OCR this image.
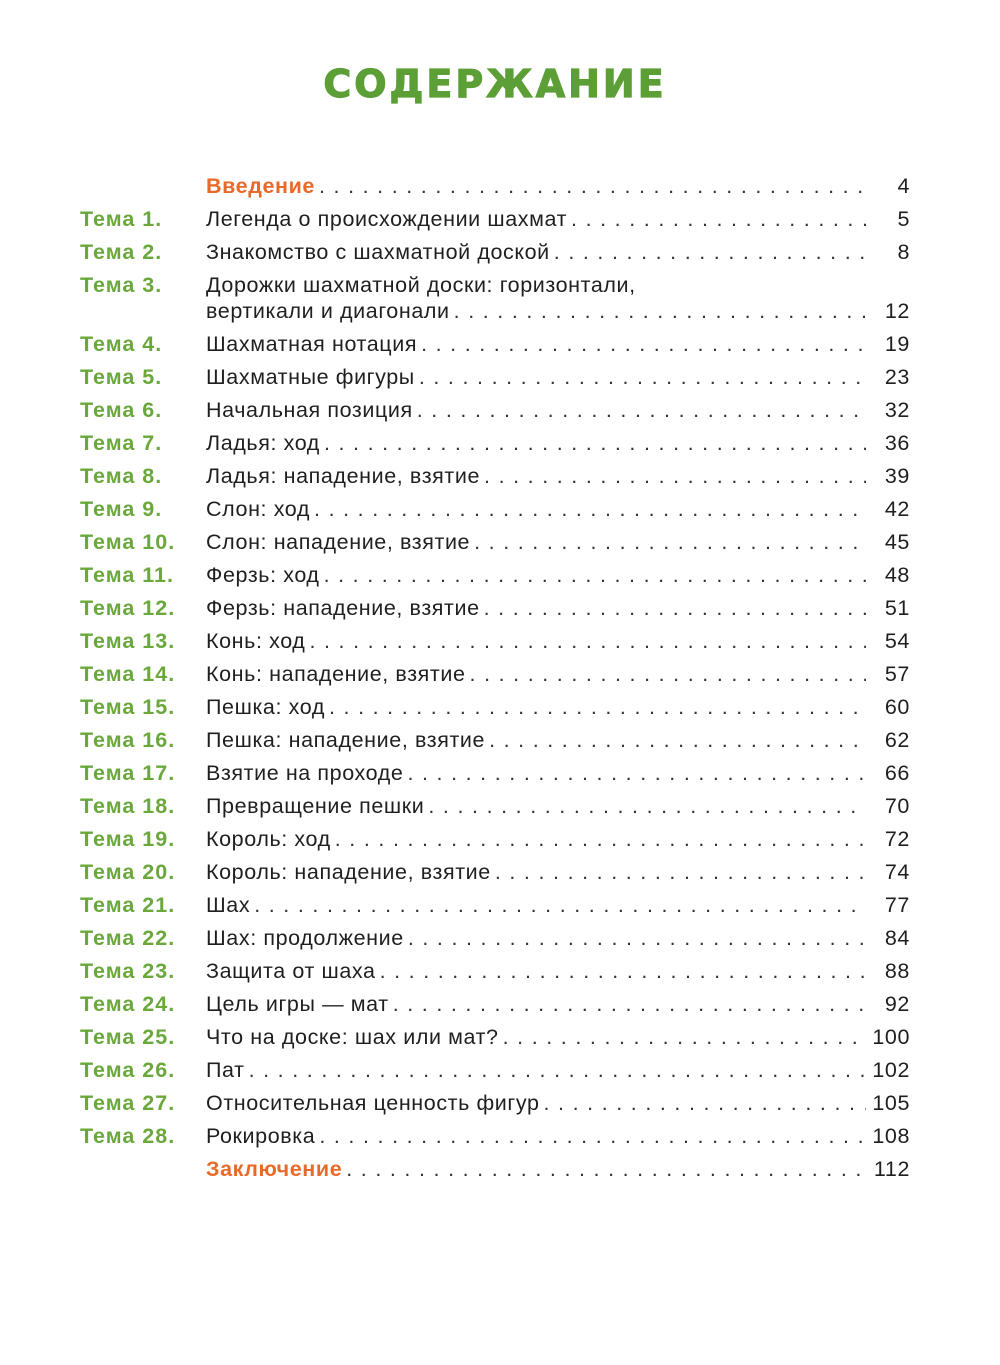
СОДЕРЖАНИЕ
Введение . . .	4
Тема 1.	Легенда о происхождении шахмат . . .	5
Тема 2.	Знакомство с шахматной доской . . .	8
Тема 3.	Дорожки шахматной доски: горизонтали,
вертикали и диагонали . . .	12
Тема 4.	Шахматная нотация . . .	19
Тема 5.	Шахматные фигуры . . .	23
Тема 6.	Начальная позиция . . .	32
Тема 7.	Ладья: ход . . .	36
Тема 8.	Ладья: нападение, взятие . . .	39
Тема 9.	Слон: ход . . .	42
Тема 10.	Слон: нападение, взятие . . .	45
Тема 11.	Ферзь: ход . . .	48
Тема 12.	Ферзь: нападение, взятие . . .	51
Тема 13.	Конь: ход . . .	54
Тема 14.	Конь: нападение, взятие . . .	57
Тема 15.	Пешка: ход . . .	60
Тема 16.	Пешка: нападение, взятие . . .	62
Тема 17.	Взятие на проходе . . .	66
Тема 18.	Превращение пешки . . .	70
Тема 19.	Король: ход . . .	72
Тема 20.	Король: нападение, взятие . . .	74
Тема 21.	Шах . . .	77
Тема 22.	Шах: продолжение . . .	84
Тема 23.	Защита от шаха . . .	88
Тема 24.	Цель игры — мат . . .	92
Тема 25.	Что на доске: шах или мат? . . .	100
Тема 26.	Пат . . .	102
Тема 27.	Относительная ценность фигур . . .	105
Тема 28.	Рокировка . . .	108
Заключение . . .	112
